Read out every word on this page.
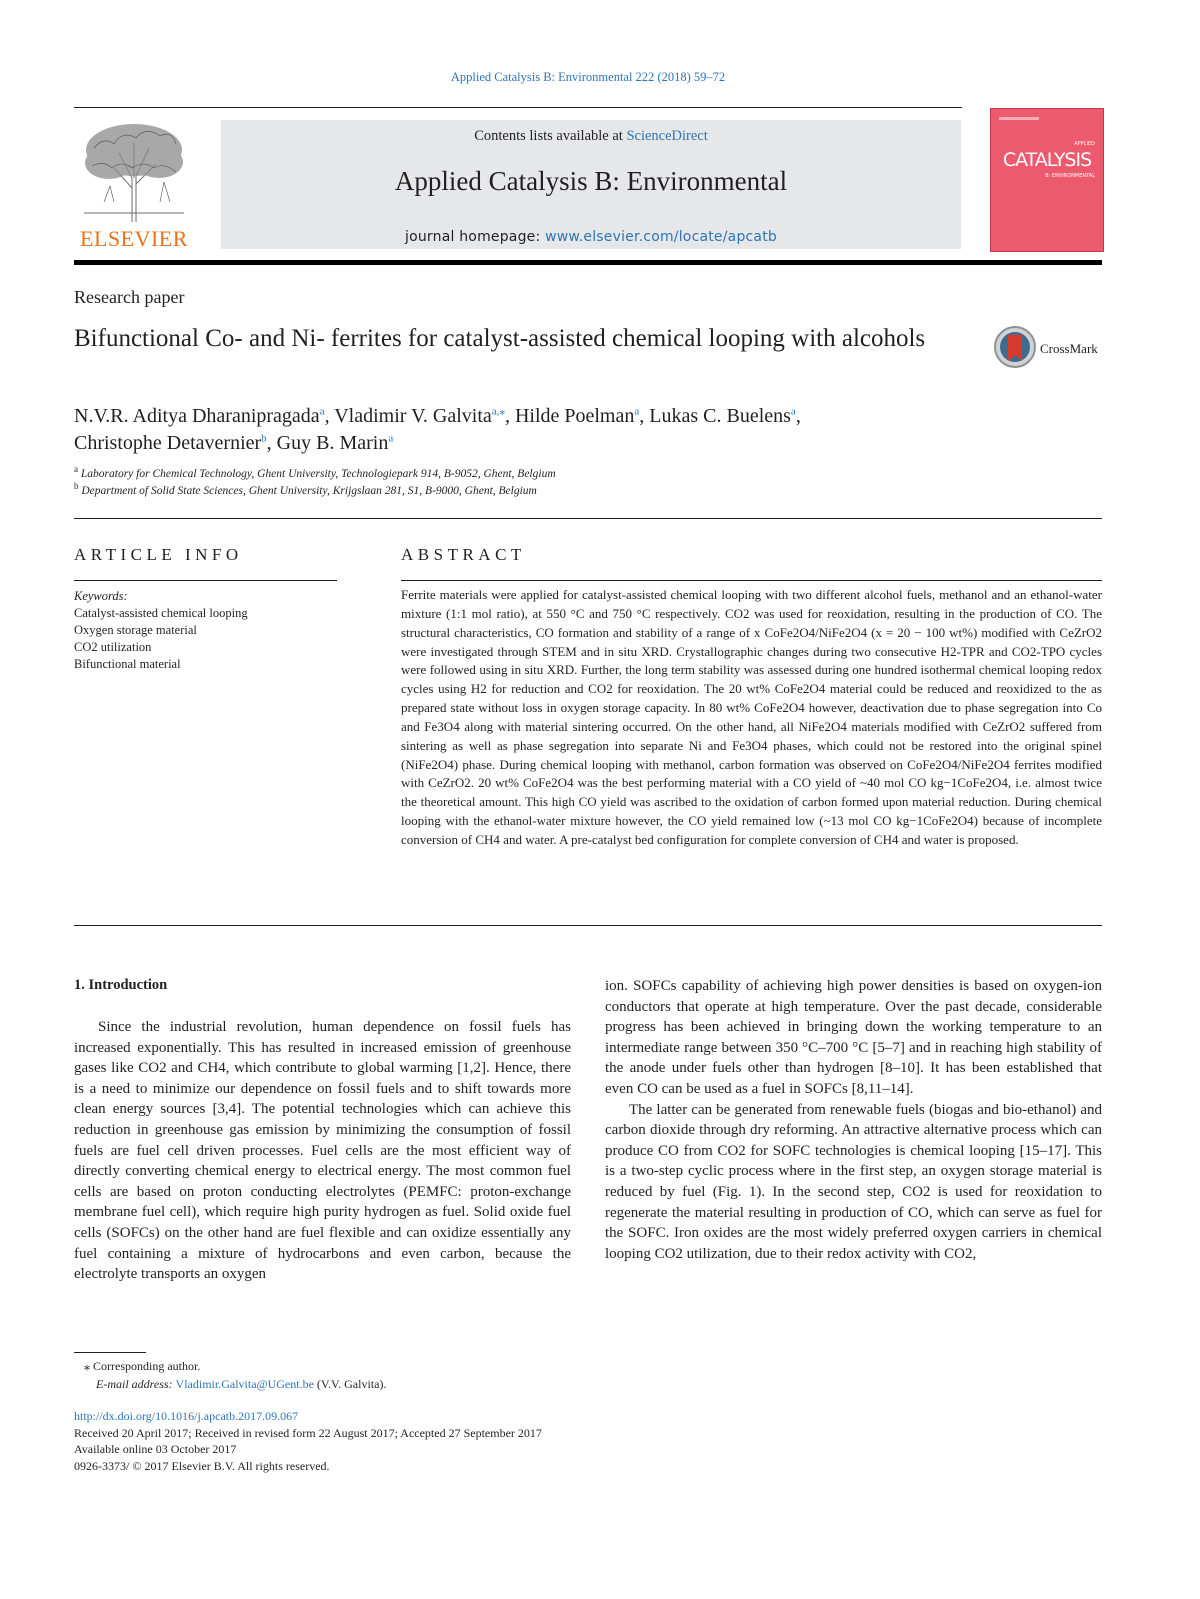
Applied Catalysis B: Environmental 222 (2018) 59–72
ELSEVIER
Contents lists available at ScienceDirect
Applied Catalysis B: Environmental
journal homepage: www.elsevier.com/locate/apcatb
APPLIED
CATALYSIS
B: ENVIRONMENTAL
Research paper
Bifunctional Co- and Ni- ferrites for catalyst-assisted chemical looping with alcohols	CrossMark
N.V.R. Aditya Dharanipragada$^a$, Vladimir V. Galvita$^{a,⁎}$, Hilde Poelman$^a$, Lukas C. Buelens$^a$,
Christophe Detavernier$^b$, Guy B. Marin$^a$
$^a$ Laboratory for Chemical Technology, Ghent University, Technologiepark 914, B-9052, Ghent, Belgium
$^b$ Department of Solid State Sciences, Ghent University, Krijgslaan 281, S1, B-9000, Ghent, Belgium
ARTICLE INFO	ABSTRACT
Keywords:
Catalyst-assisted chemical looping
Oxygen storage material
CO2 utilization
Bifunctional material
Ferrite materials were applied for catalyst-assisted chemical looping with two different alcohol fuels, methanol and an ethanol-water mixture (1:1 mol ratio), at 550 °C and 750 °C respectively. CO2 was used for reoxidation, resulting in the production of CO. The structural characteristics, CO formation and stability of a range of x CoFe2O4/NiFe2O4 (x = 20 − 100 wt%) modified with CeZrO2 were investigated through STEM and in situ XRD. Crystallographic changes during two consecutive H2-TPR and CO2-TPO cycles were followed using in situ XRD. Further, the long term stability was assessed during one hundred isothermal chemical looping redox cycles using H2 for reduction and CO2 for reoxidation. The 20 wt% CoFe2O4 material could be reduced and reoxidized to the as prepared state without loss in oxygen storage capacity. In 80 wt% CoFe2O4 however, deactivation due to phase segregation into Co and Fe3O4 along with material sintering occurred. On the other hand, all NiFe2O4 materials modified with CeZrO2 suffered from sintering as well as phase segregation into separate Ni and Fe3O4 phases, which could not be restored into the original spinel (NiFe2O4) phase. During chemical looping with methanol, carbon formation was observed on CoFe2O4/NiFe2O4 ferrites modified with CeZrO2. 20 wt% CoFe2O4 was the best performing material with a CO yield of ~40 mol CO kg−1CoFe2O4, i.e. almost twice the theoretical amount. This high CO yield was ascribed to the oxidation of carbon formed upon material reduction. During chemical looping with the ethanol-water mixture however, the CO yield remained low (~13 mol CO kg−1CoFe2O4) because of incomplete conversion of CH4 and water. A pre-catalyst bed configuration for complete conversion of CH4 and water is proposed.
1. Introduction

Since the industrial revolution, human dependence on fossil fuels has increased exponentially. This has resulted in increased emission of greenhouse gases like CO2 and CH4, which contribute to global warming [1,2]. Hence, there is a need to minimize our dependence on fossil fuels and to shift towards more clean energy sources [3,4]. The potential technologies which can achieve this reduction in greenhouse gas emission by minimizing the consumption of fossil fuels are fuel cell driven processes. Fuel cells are the most efficient way of directly converting chemical energy to electrical energy. The most common fuel cells are based on proton conducting electrolytes (PEMFC: proton-exchange membrane fuel cell), which require high purity hydrogen as fuel. Solid oxide fuel cells (SOFCs) on the other hand are fuel flexible and can oxidize essentially any fuel containing a mixture of hydrocarbons and even carbon, because the electrolyte transports an oxygen

ion. SOFCs capability of achieving high power densities is based on oxygen-ion conductors that operate at high temperature. Over the past decade, considerable progress has been achieved in bringing down the working temperature to an intermediate range between 350 °C–700 °C [5–7] and in reaching high stability of the anode under fuels other than hydrogen [8–10]. It has been established that even CO can be used as a fuel in SOFCs [8,11–14].

The latter can be generated from renewable fuels (biogas and bio-ethanol) and carbon dioxide through dry reforming. An attractive alternative process which can produce CO from CO2 for SOFC technologies is chemical looping [15–17]. This is a two-step cyclic process where in the first step, an oxygen storage material is reduced by fuel (Fig. 1). In the second step, CO2 is used for reoxidation to regenerate the material resulting in production of CO, which can serve as fuel for the SOFC. Iron oxides are the most widely preferred oxygen carriers in chemical looping CO2 utilization, due to their redox activity with CO2,

⁎ Corresponding author.
E-mail address: Vladimir.Galvita@UGent.be (V.V. Galvita).
http://dx.doi.org/10.1016/j.apcatb.2017.09.067
Received 20 April 2017; Received in revised form 22 August 2017; Accepted 27 September 2017
Available online 03 October 2017
0926-3373/ © 2017 Elsevier B.V. All rights reserved.
